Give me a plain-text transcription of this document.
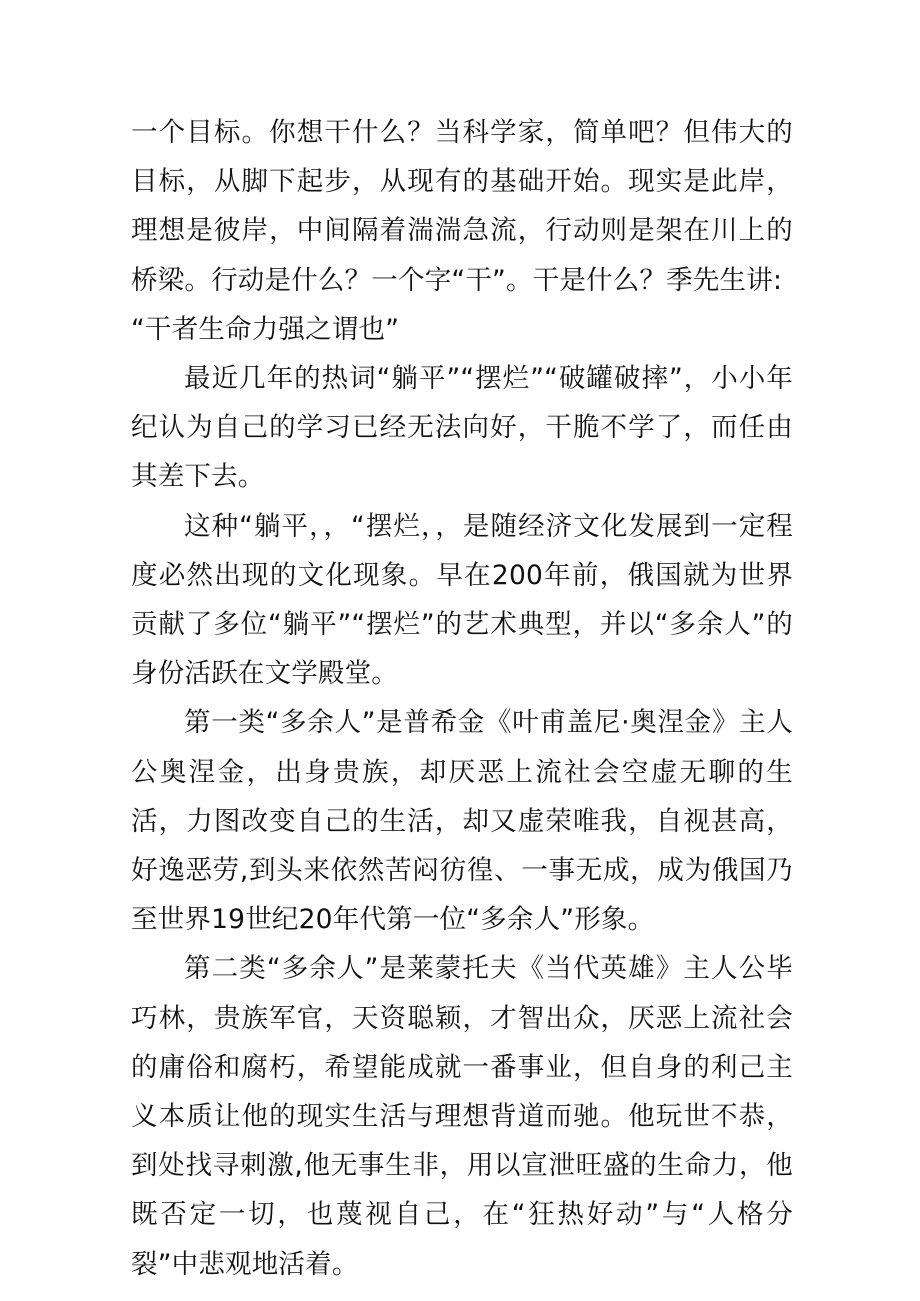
一个目标。你想干什么？当科学家，简单吧？但伟大的目标，从脚下起步，从现有的基础开始。现实是此岸，理想是彼岸，中间隔着湍湍急流，行动则是架在川上的桥梁。行动是什么？一个字“干”。干是什么？季先生讲:

“干者生命力强之谓也”

最近几年的热词“躺平”“摆烂”“破罐破摔”，小小年纪认为自己的学习已经无法向好，干脆不学了，而任由其差下去。

这种“躺平，，“摆烂，，是随经济文化发展到一定程度必然出现的文化现象。早在200年前，俄国就为世界贡献了多位“躺平”“摆烂”的艺术典型，并以“多余人”的身份活跃在文学殿堂。

第一类“多余人”是普希金《叶甫盖尼·奥涅金》主人公奥涅金，出身贵族，却厌恶上流社会空虚无聊的生活，力图改变自己的生活，却又虚荣唯我，自视甚高，好逸恶劳,到头来依然苦闷彷徨、一事无成，成为俄国乃至世界19世纪20年代第一位“多余人”形象。

第二类“多余人”是莱蒙托夫《当代英雄》主人公毕巧林，贵族军官，天资聪颖，才智出众，厌恶上流社会的庸俗和腐朽，希望能成就一番事业，但自身的利己主义本质让他的现实生活与理想背道而驰。他玩世不恭，到处找寻刺激,他无事生非，用以宣泄旺盛的生命力，他既否定一切，也蔑视自己，在“狂热好动”与“人格分裂”中悲观地活着。
